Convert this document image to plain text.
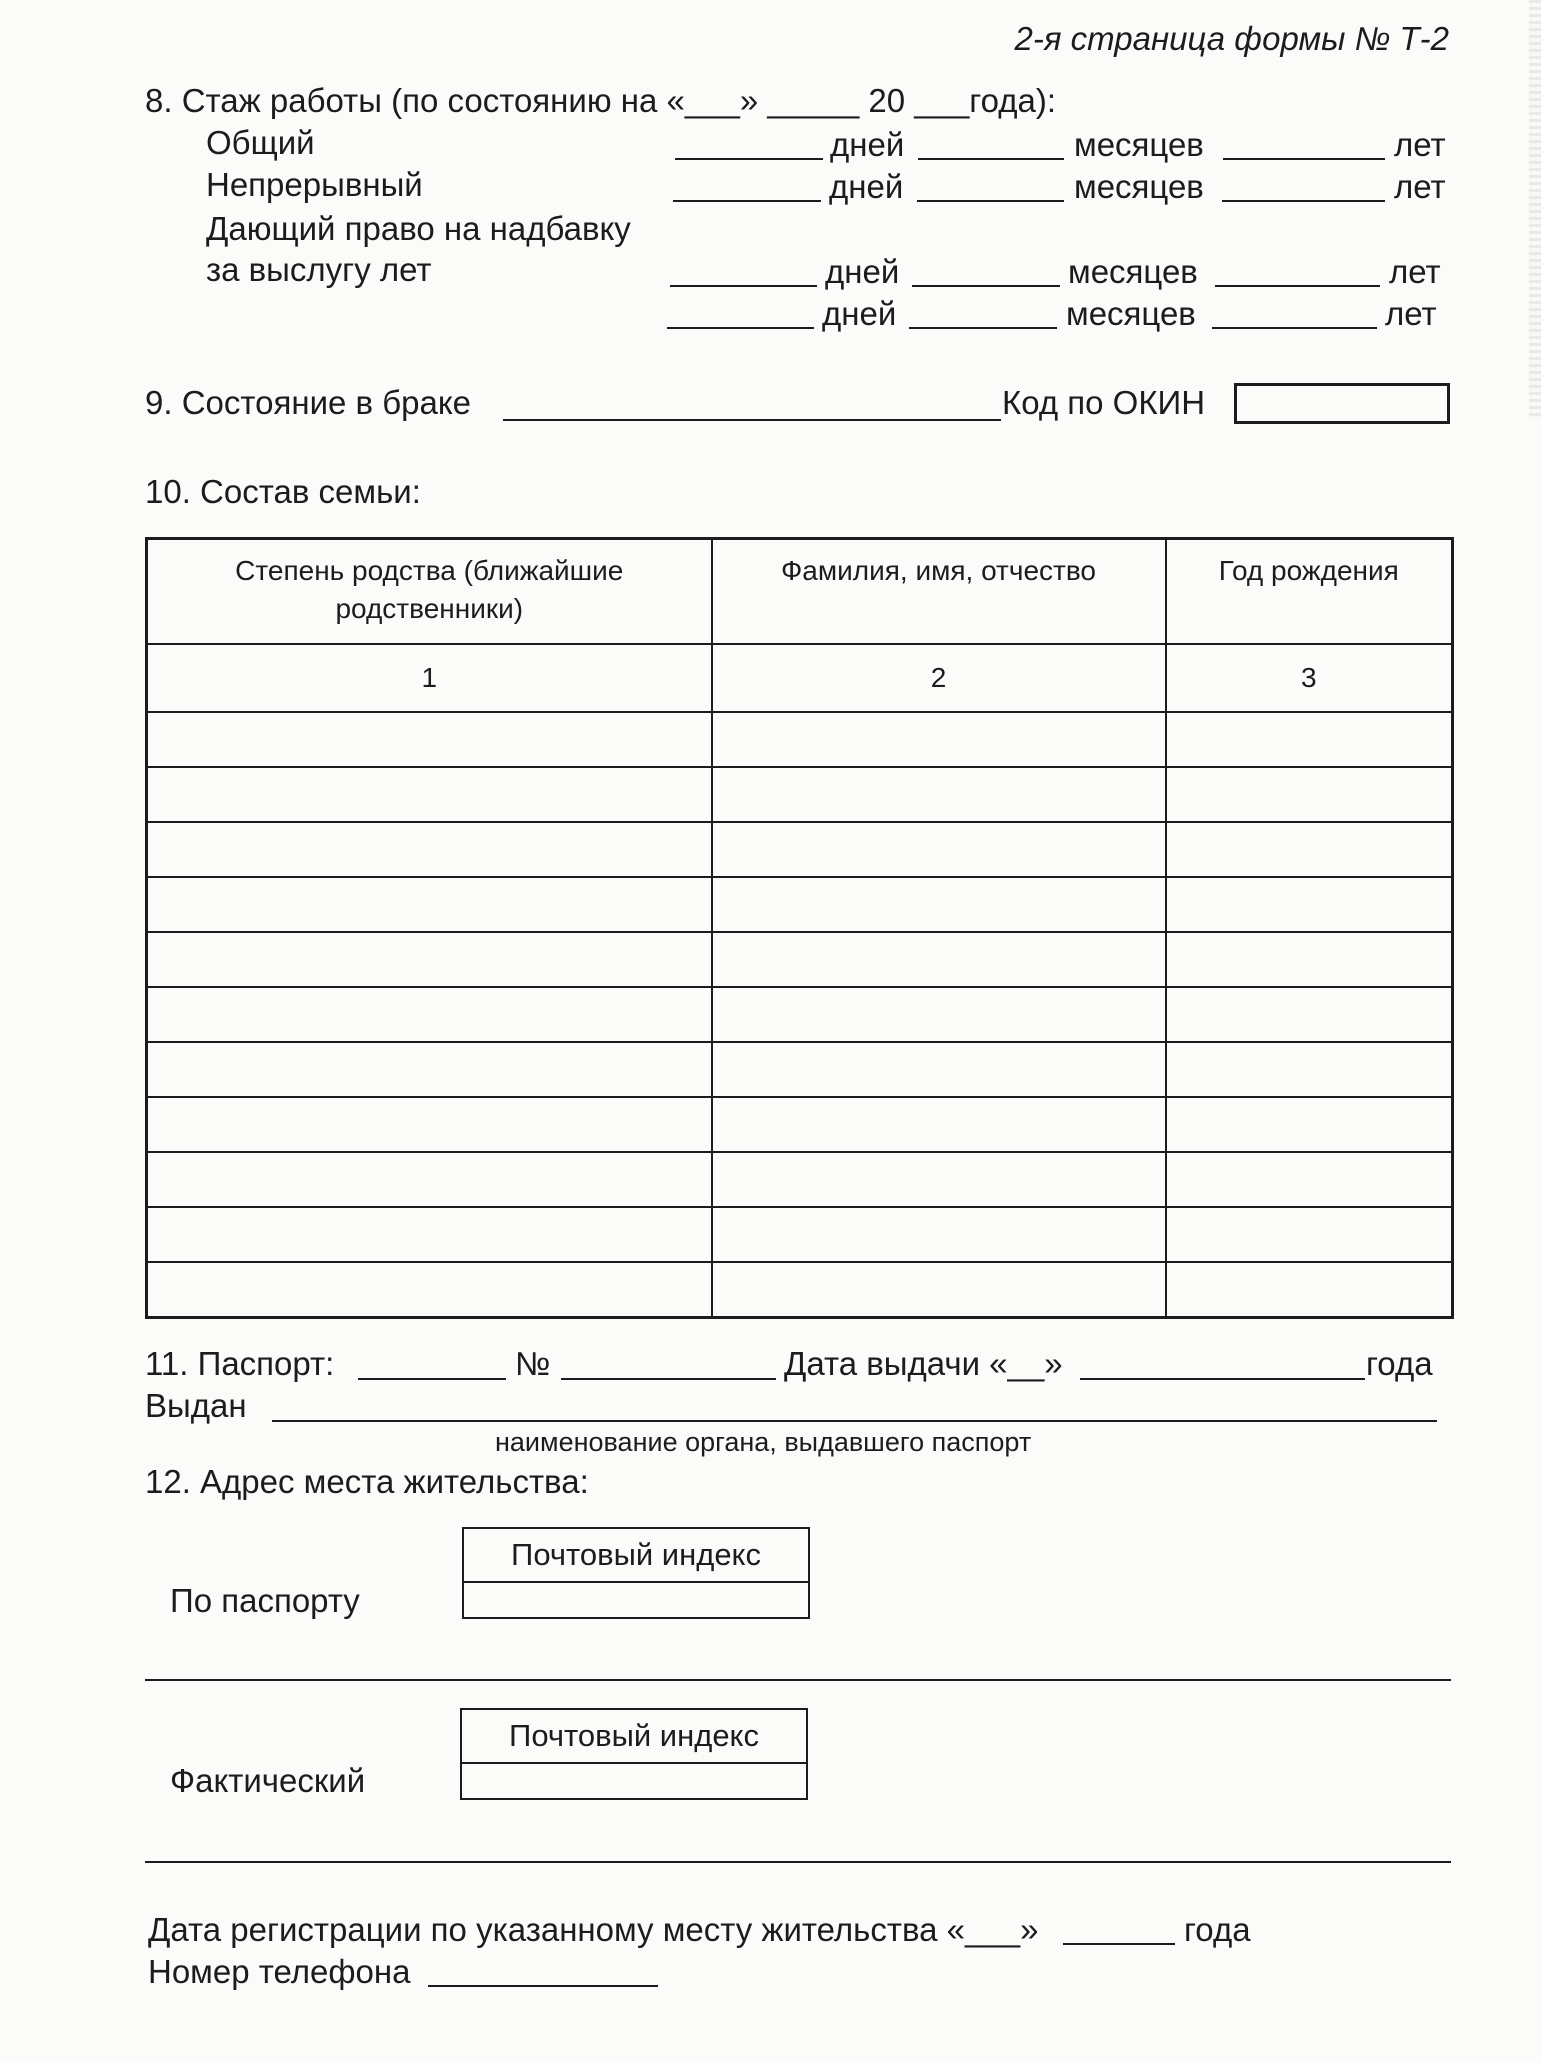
2-я страница формы № Т-2
8. Стаж работы (по состоянию на «___» _____ 20 ___года):
Общий	дней	месяцев	лет
Непрерывный	дней	месяцев	лет
Дающий право на надбавку
за выслугу лет	дней	месяцев	лет
дней	месяцев	лет
9. Состояние в браке	Код по ОКИН
10. Состав семьи:
Степень родства (ближайшие родственники)	Фамилия, имя, отчество	Год рождения
1	2	3

11. Паспорт:	№	Дата выдачи «__»	года
Выдан
наименование органа, выдавшего паспорт
12. Адрес места жительства:
Почтовый индекс
По паспорту
Почтовый индекс
Фактический
Дата регистрации по указанному месту жительства «___»	года
Номер телефона
